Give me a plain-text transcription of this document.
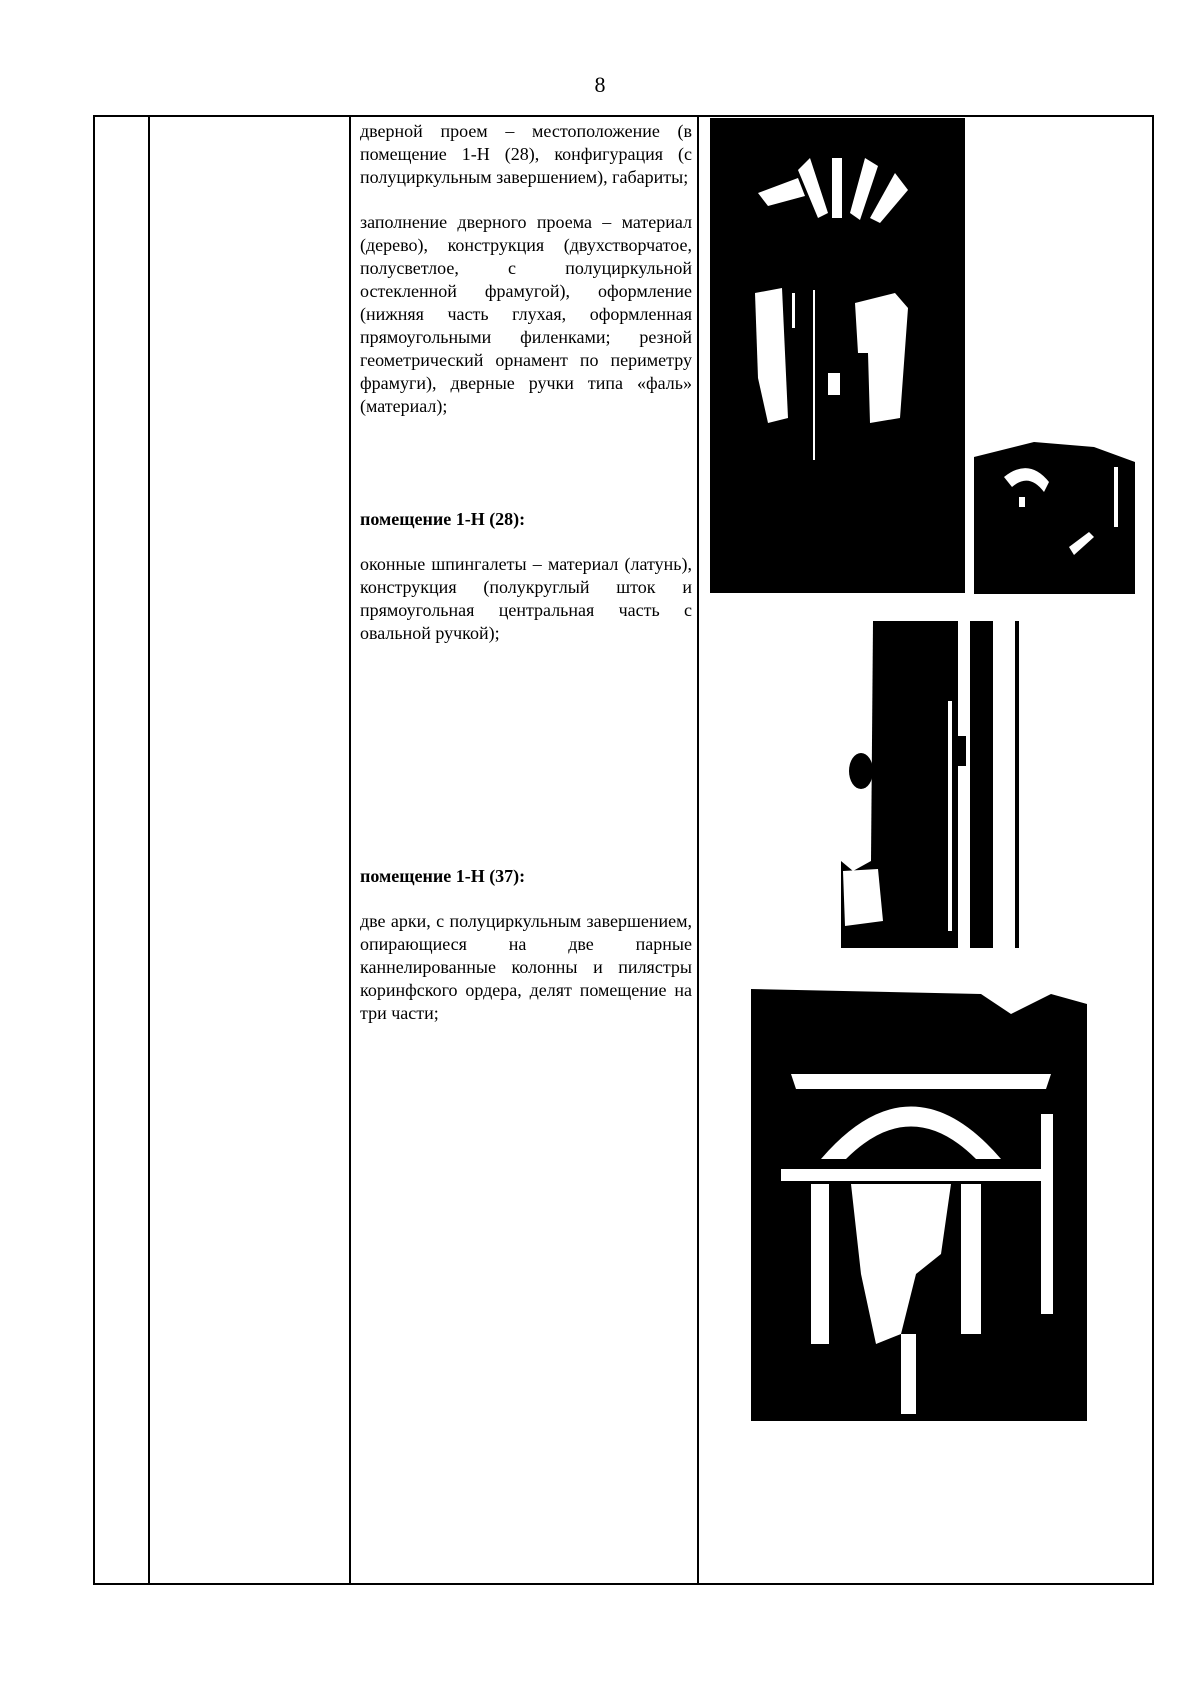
8

дверной проем – местоположение (в помещение 1-Н (28), конфигурация (с полуциркульным завершением), габариты;

заполнение дверного проема – материал (дерево), конструкция (двухстворчатое, полусветлое, с полуциркульной остекленной фрамугой), оформление (нижняя часть глухая, оформленная прямоугольными филенками; резной геометрический орнамент по периметру фрамуги), дверные ручки типа «фаль» (материал);

помещение 1-Н (28):

оконные шпингалеты – материал (латунь), конструкция (полукруглый шток и прямоугольная центральная часть с овальной ручкой);

помещение 1-Н (37):

две арки, с полуциркульным завершением, опирающиеся на две парные каннелированные колонны и пилястры коринфского ордера, делят помещение на три части;
